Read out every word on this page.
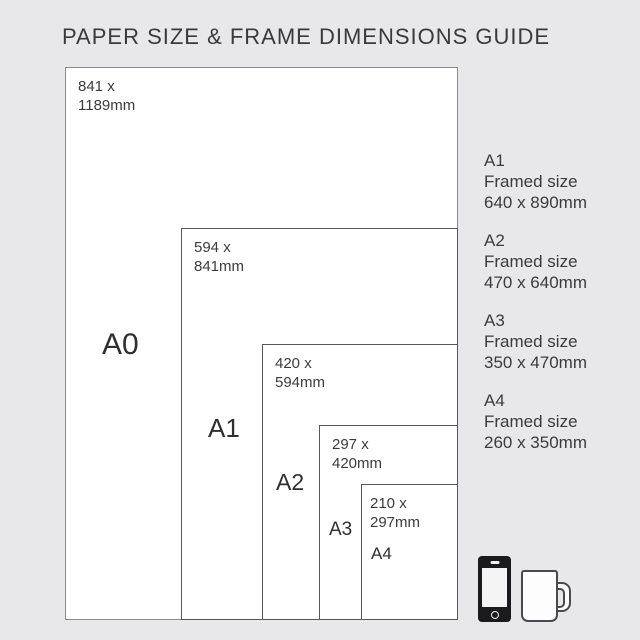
PAPER SIZE & FRAME DIMENSIONS GUIDE
841 x
1189mm
A0
594 x
841mm
A1
420 x
594mm
A2
297 x
420mm
A3
210 x
297mm
A4
A1
Framed size
640 x 890mm
A2
Framed size
470 x 640mm
A3
Framed size
350 x 470mm
A4
Framed size
260 x 350mm
